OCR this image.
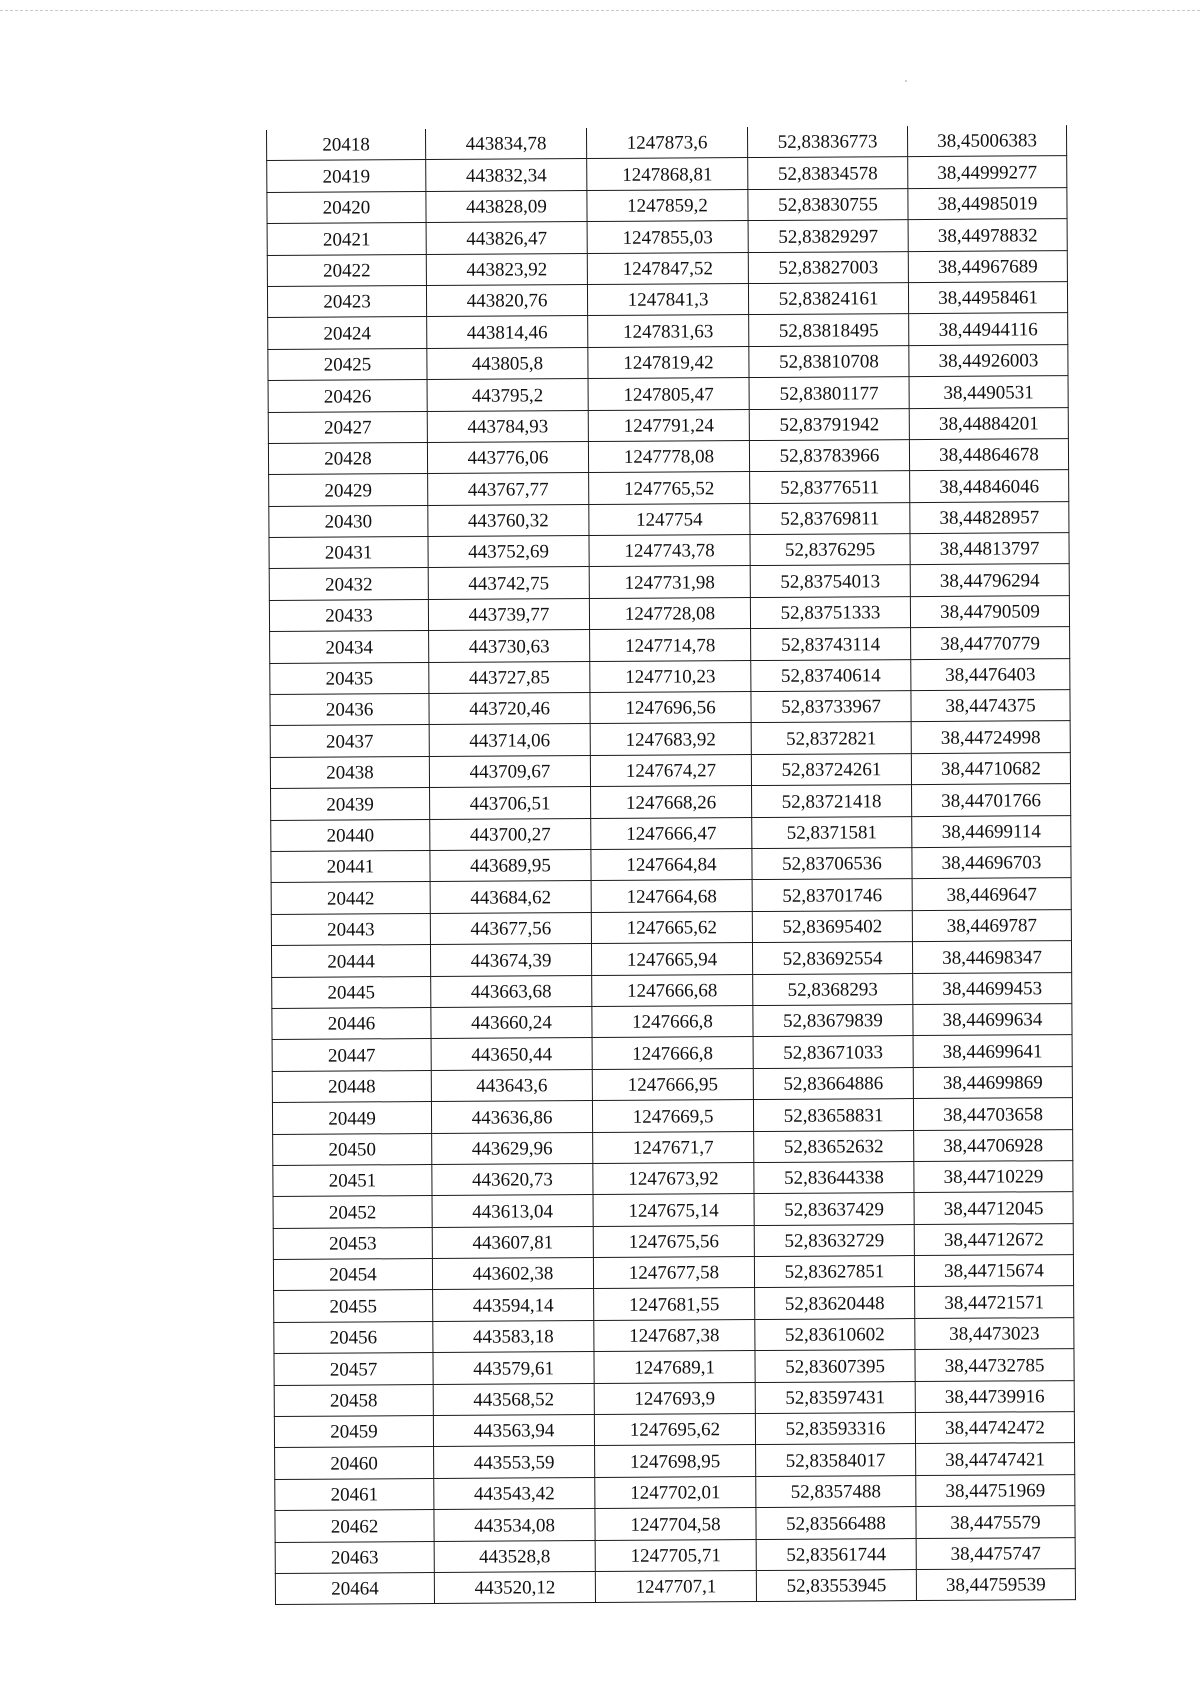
20418	443834,78	1247873,6	52,83836773	38,45006383
20419	443832,34	1247868,81	52,83834578	38,44999277
20420	443828,09	1247859,2	52,83830755	38,44985019
20421	443826,47	1247855,03	52,83829297	38,44978832
20422	443823,92	1247847,52	52,83827003	38,44967689
20423	443820,76	1247841,3	52,83824161	38,44958461
20424	443814,46	1247831,63	52,83818495	38,44944116
20425	443805,8	1247819,42	52,83810708	38,44926003
20426	443795,2	1247805,47	52,83801177	38,4490531
20427	443784,93	1247791,24	52,83791942	38,44884201
20428	443776,06	1247778,08	52,83783966	38,44864678
20429	443767,77	1247765,52	52,83776511	38,44846046
20430	443760,32	1247754	52,83769811	38,44828957
20431	443752,69	1247743,78	52,8376295	38,44813797
20432	443742,75	1247731,98	52,83754013	38,44796294
20433	443739,77	1247728,08	52,83751333	38,44790509
20434	443730,63	1247714,78	52,83743114	38,44770779
20435	443727,85	1247710,23	52,83740614	38,4476403
20436	443720,46	1247696,56	52,83733967	38,4474375
20437	443714,06	1247683,92	52,8372821	38,44724998
20438	443709,67	1247674,27	52,83724261	38,44710682
20439	443706,51	1247668,26	52,83721418	38,44701766
20440	443700,27	1247666,47	52,8371581	38,44699114
20441	443689,95	1247664,84	52,83706536	38,44696703
20442	443684,62	1247664,68	52,83701746	38,4469647
20443	443677,56	1247665,62	52,83695402	38,4469787
20444	443674,39	1247665,94	52,83692554	38,44698347
20445	443663,68	1247666,68	52,8368293	38,44699453
20446	443660,24	1247666,8	52,83679839	38,44699634
20447	443650,44	1247666,8	52,83671033	38,44699641
20448	443643,6	1247666,95	52,83664886	38,44699869
20449	443636,86	1247669,5	52,83658831	38,44703658
20450	443629,96	1247671,7	52,83652632	38,44706928
20451	443620,73	1247673,92	52,83644338	38,44710229
20452	443613,04	1247675,14	52,83637429	38,44712045
20453	443607,81	1247675,56	52,83632729	38,44712672
20454	443602,38	1247677,58	52,83627851	38,44715674
20455	443594,14	1247681,55	52,83620448	38,44721571
20456	443583,18	1247687,38	52,83610602	38,4473023
20457	443579,61	1247689,1	52,83607395	38,44732785
20458	443568,52	1247693,9	52,83597431	38,44739916
20459	443563,94	1247695,62	52,83593316	38,44742472
20460	443553,59	1247698,95	52,83584017	38,44747421
20461	443543,42	1247702,01	52,8357488	38,44751969
20462	443534,08	1247704,58	52,83566488	38,4475579
20463	443528,8	1247705,71	52,83561744	38,4475747
20464	443520,12	1247707,1	52,83553945	38,44759539
